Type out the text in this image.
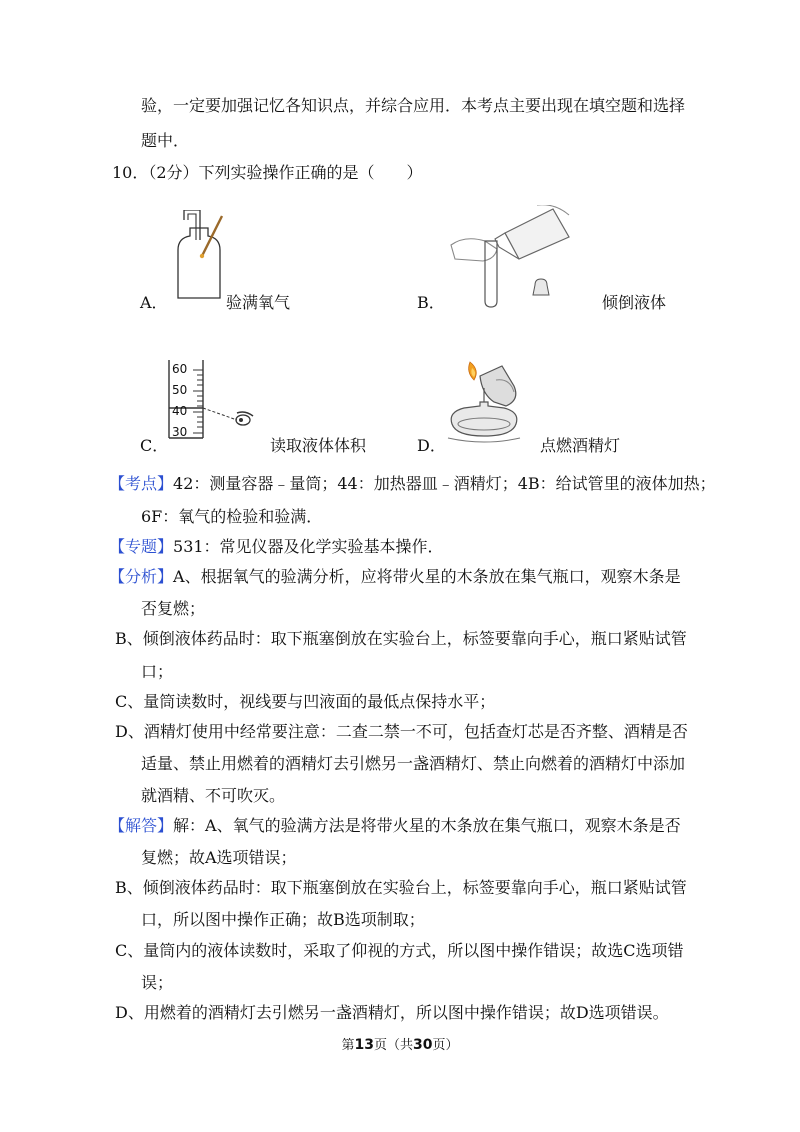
验，一定要加强记忆各知识点，并综合应用．本考点主要出现在填空题和选择
题中．
10．（2分）下列实验操作正确的是（　　）
A．	验满氧气	B．	倾倒液体
60
50
40
30
C．	读取液体体积	D．	点燃酒精灯
【考点】42：测量容器﹣量筒；44：加热器皿﹣酒精灯；4B：给试管里的液体加热；
6F：氧气的检验和验满．
【专题】531：常见仪器及化学实验基本操作．
【分析】A、根据氧气的验满分析，应将带火星的木条放在集气瓶口，观察木条是
否复燃；
B、倾倒液体药品时：取下瓶塞倒放在实验台上，标签要靠向手心，瓶口紧贴试管
口；
C、量筒读数时，视线要与凹液面的最低点保持水平；
D、酒精灯使用中经常要注意：二查二禁一不可，包括查灯芯是否齐整、酒精是否
适量、禁止用燃着的酒精灯去引燃另一盏酒精灯、禁止向燃着的酒精灯中添加
就酒精、不可吹灭。
【解答】解：A、氧气的验满方法是将带火星的木条放在集气瓶口，观察木条是否
复燃；故A选项错误；
B、倾倒液体药品时：取下瓶塞倒放在实验台上，标签要靠向手心，瓶口紧贴试管
口，所以图中操作正确；故B选项制取；
C、量筒内的液体读数时，采取了仰视的方式，所以图中操作错误；故选C选项错
误；
D、用燃着的酒精灯去引燃另一盏酒精灯，所以图中操作错误；故D选项错误。
第13页（共30页）
